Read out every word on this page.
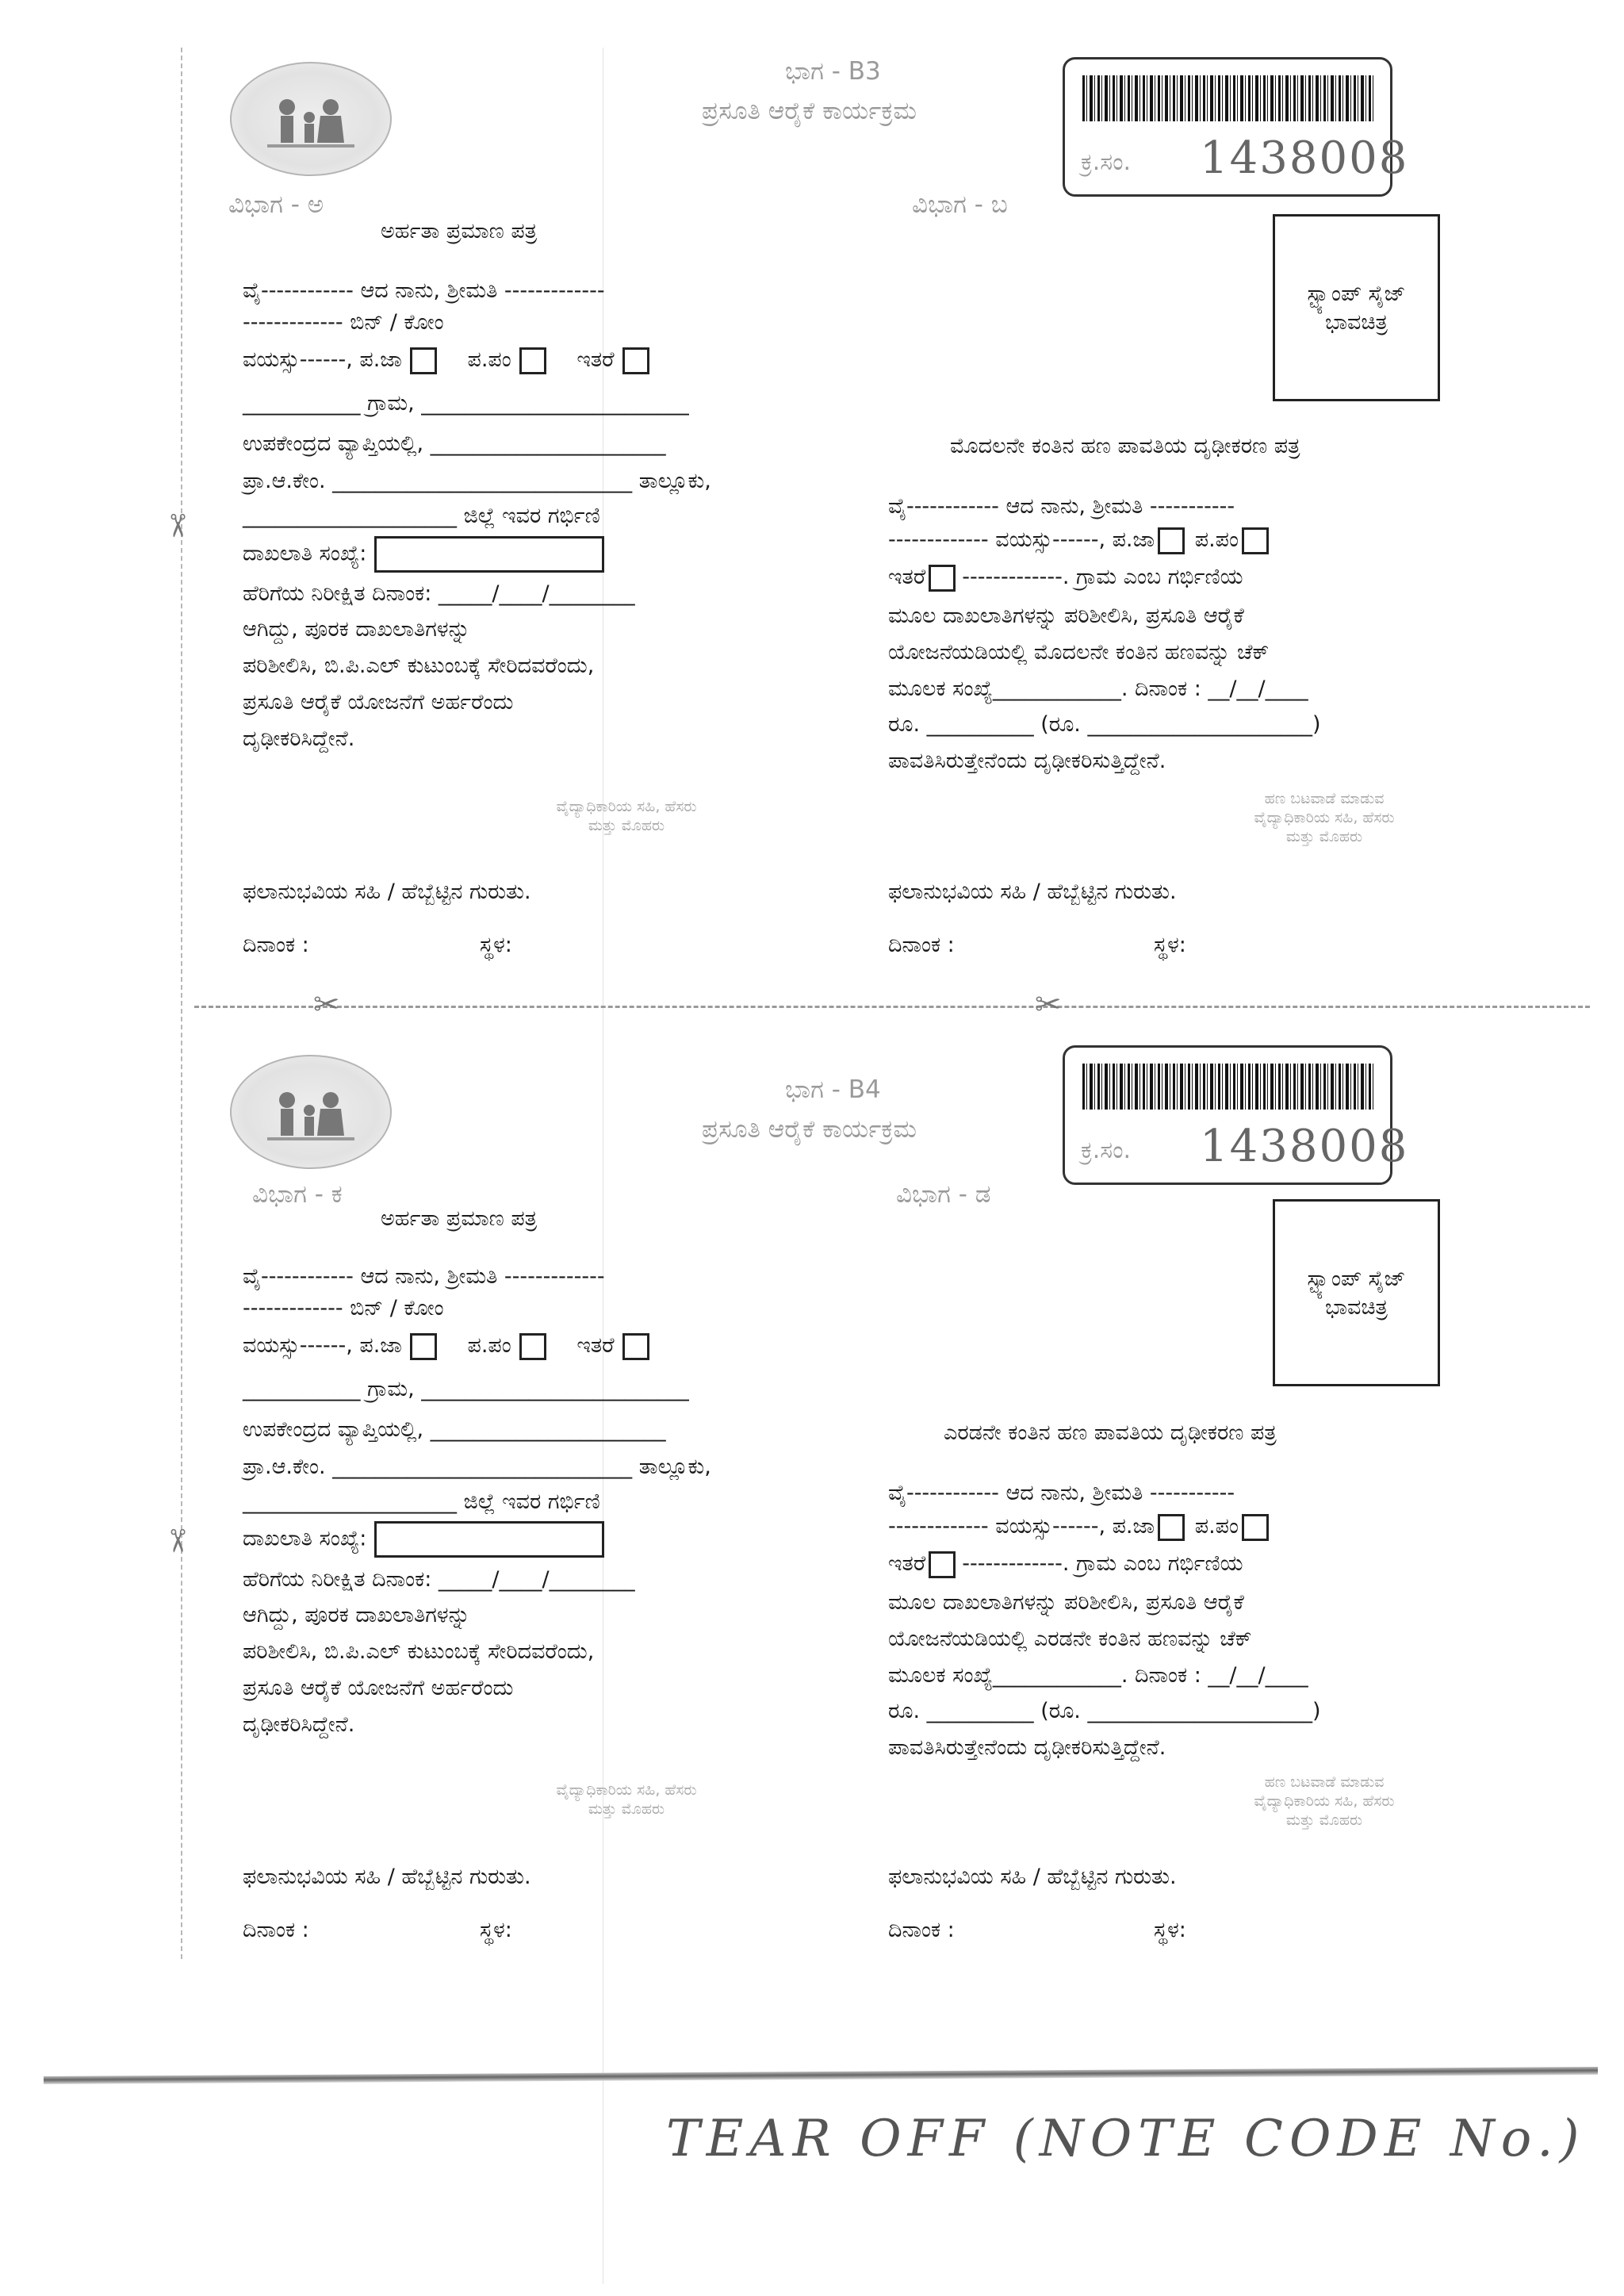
✂
✂
✂	✂
ಭಾಗ - B3
ಪ್ರಸೂತಿ ಆರೈಕೆ ಕಾರ್ಯಕ್ರಮ
ಕ್ರ.ಸಂ. 1438008
ವಿಭಾಗ - ಅ
ಅರ್ಹತಾ ಪ್ರಮಾಣ ಪತ್ರ
ವಿಭಾಗ - ಬ
ಸ್ಟ್ಯಾಂಪ್ ಸೈಜ್
ಭಾವಚಿತ್ರ
ವೈ------------ ಆದ ನಾನು, ಶ್ರೀಮತಿ -------------
------------- ಬಿನ್ / ಕೋಂ
ವಯಸ್ಸು------, ಪ.ಜಾ	ಪ.ಪಂ	ಇತರೆ
___________ ಗ್ರಾಮ, _________________________
ಉಪಕೇಂದ್ರದ ವ್ಯಾಪ್ತಿಯಲ್ಲಿ, ______________________
ಪ್ರಾ.ಆ.ಕೇಂ. ____________________________ ತಾಲ್ಲೂಕು,
____________________ ಜಿಲ್ಲೆ ಇವರ ಗರ್ಭಿಣಿ
ದಾಖಲಾತಿ ಸಂಖ್ಯೆ:
ಹೆರಿಗೆಯ ನಿರೀಕ್ಷಿತ ದಿನಾಂಕ: _____/____/________
ಆಗಿದ್ದು, ಪೂರಕ ದಾಖಲಾತಿಗಳನ್ನು
ಪರಿಶೀಲಿಸಿ, ಬಿ.ಪಿ.ಎಲ್ ಕುಟುಂಬಕ್ಕೆ ಸೇರಿದವರೆಂದು,
ಪ್ರಸೂತಿ ಆರೈಕೆ ಯೋಜನೆಗೆ ಅರ್ಹರೆಂದು
ದೃಢೀಕರಿಸಿದ್ದೇನೆ.
ವೈದ್ಯಾಧಿಕಾರಿಯ ಸಹಿ, ಹೆಸರು
ಮತ್ತು ಮೊಹರು
ಮೊದಲನೇ ಕಂತಿನ ಹಣ ಪಾವತಿಯ ದೃಢೀಕರಣ ಪತ್ರ
ವೈ------------ ಆದ ನಾನು, ಶ್ರೀಮತಿ -----------
------------- ವಯಸ್ಸು------, ಪ.ಜಾ ಪ.ಪಂ
ಇತರೆ -------------. ಗ್ರಾಮ ಎಂಬ ಗರ್ಭಿಣಿಯ
ಮೂಲ ದಾಖಲಾತಿಗಳನ್ನು ಪರಿಶೀಲಿಸಿ, ಪ್ರಸೂತಿ ಆರೈಕೆ
ಯೋಜನೆಯಡಿಯಲ್ಲಿ ಮೊದಲನೇ ಕಂತಿನ ಹಣವನ್ನು ಚೆಕ್
ಮೂಲಕ ಸಂಖ್ಯೆ____________. ದಿನಾಂಕ : __/__/____
ರೂ. __________ (ರೂ. _____________________)
ಪಾವತಿಸಿರುತ್ತೇನೆಂದು ದೃಢೀಕರಿಸುತ್ತಿದ್ದೇನೆ.
ಹಣ ಬಟವಾಡೆ ಮಾಡುವ
ವೈದ್ಯಾಧಿಕಾರಿಯ ಸಹಿ, ಹೆಸರು
ಮತ್ತು ಮೊಹರು
ಫಲಾನುಭವಿಯ ಸಹಿ / ಹೆಬ್ಬೆಟ್ಟಿನ ಗುರುತು.
ದಿನಾಂಕ :	ಸ್ಥಳ:
ಫಲಾನುಭವಿಯ ಸಹಿ / ಹೆಬ್ಬೆಟ್ಟಿನ ಗುರುತು.
ದಿನಾಂಕ :	ಸ್ಥಳ:
ಭಾಗ - B4
ಪ್ರಸೂತಿ ಆರೈಕೆ ಕಾರ್ಯಕ್ರಮ
ಕ್ರ.ಸಂ. 1438008
ವಿಭಾಗ - ಕ
ಅರ್ಹತಾ ಪ್ರಮಾಣ ಪತ್ರ
ವಿಭಾಗ - ಡ
ಸ್ಟ್ಯಾಂಪ್ ಸೈಜ್
ಭಾವಚಿತ್ರ
ವೈ------------ ಆದ ನಾನು, ಶ್ರೀಮತಿ -------------
------------- ಬಿನ್ / ಕೋಂ
ವಯಸ್ಸು------, ಪ.ಜಾ	ಪ.ಪಂ	ಇತರೆ
___________ ಗ್ರಾಮ, _________________________
ಉಪಕೇಂದ್ರದ ವ್ಯಾಪ್ತಿಯಲ್ಲಿ, ______________________
ಪ್ರಾ.ಆ.ಕೇಂ. ____________________________ ತಾಲ್ಲೂಕು,
____________________ ಜಿಲ್ಲೆ ಇವರ ಗರ್ಭಿಣಿ
ದಾಖಲಾತಿ ಸಂಖ್ಯೆ:
ಹೆರಿಗೆಯ ನಿರೀಕ್ಷಿತ ದಿನಾಂಕ: _____/____/________
ಆಗಿದ್ದು, ಪೂರಕ ದಾಖಲಾತಿಗಳನ್ನು
ಪರಿಶೀಲಿಸಿ, ಬಿ.ಪಿ.ಎಲ್ ಕುಟುಂಬಕ್ಕೆ ಸೇರಿದವರೆಂದು,
ಪ್ರಸೂತಿ ಆರೈಕೆ ಯೋಜನೆಗೆ ಅರ್ಹರೆಂದು
ದೃಢೀಕರಿಸಿದ್ದೇನೆ.
ವೈದ್ಯಾಧಿಕಾರಿಯ ಸಹಿ, ಹೆಸರು
ಮತ್ತು ಮೊಹರು
ಎರಡನೇ ಕಂತಿನ ಹಣ ಪಾವತಿಯ ದೃಢೀಕರಣ ಪತ್ರ
ವೈ------------ ಆದ ನಾನು, ಶ್ರೀಮತಿ -----------
------------- ವಯಸ್ಸು------, ಪ.ಜಾ ಪ.ಪಂ
ಇತರೆ -------------. ಗ್ರಾಮ ಎಂಬ ಗರ್ಭಿಣಿಯ
ಮೂಲ ದಾಖಲಾತಿಗಳನ್ನು ಪರಿಶೀಲಿಸಿ, ಪ್ರಸೂತಿ ಆರೈಕೆ
ಯೋಜನೆಯಡಿಯಲ್ಲಿ ಎರಡನೇ ಕಂತಿನ ಹಣವನ್ನು ಚೆಕ್
ಮೂಲಕ ಸಂಖ್ಯೆ____________. ದಿನಾಂಕ : __/__/____
ರೂ. __________ (ರೂ. _____________________)
ಪಾವತಿಸಿರುತ್ತೇನೆಂದು ದೃಢೀಕರಿಸುತ್ತಿದ್ದೇನೆ.
ಹಣ ಬಟವಾಡೆ ಮಾಡುವ
ವೈದ್ಯಾಧಿಕಾರಿಯ ಸಹಿ, ಹೆಸರು
ಮತ್ತು ಮೊಹರು
ಫಲಾನುಭವಿಯ ಸಹಿ / ಹೆಬ್ಬೆಟ್ಟಿನ ಗುರುತು.
ದಿನಾಂಕ :	ಸ್ಥಳ:
ಫಲಾನುಭವಿಯ ಸಹಿ / ಹೆಬ್ಬೆಟ್ಟಿನ ಗುರುತು.
ದಿನಾಂಕ :	ಸ್ಥಳ:
TEAR OFF (NOTE CODE No.)
